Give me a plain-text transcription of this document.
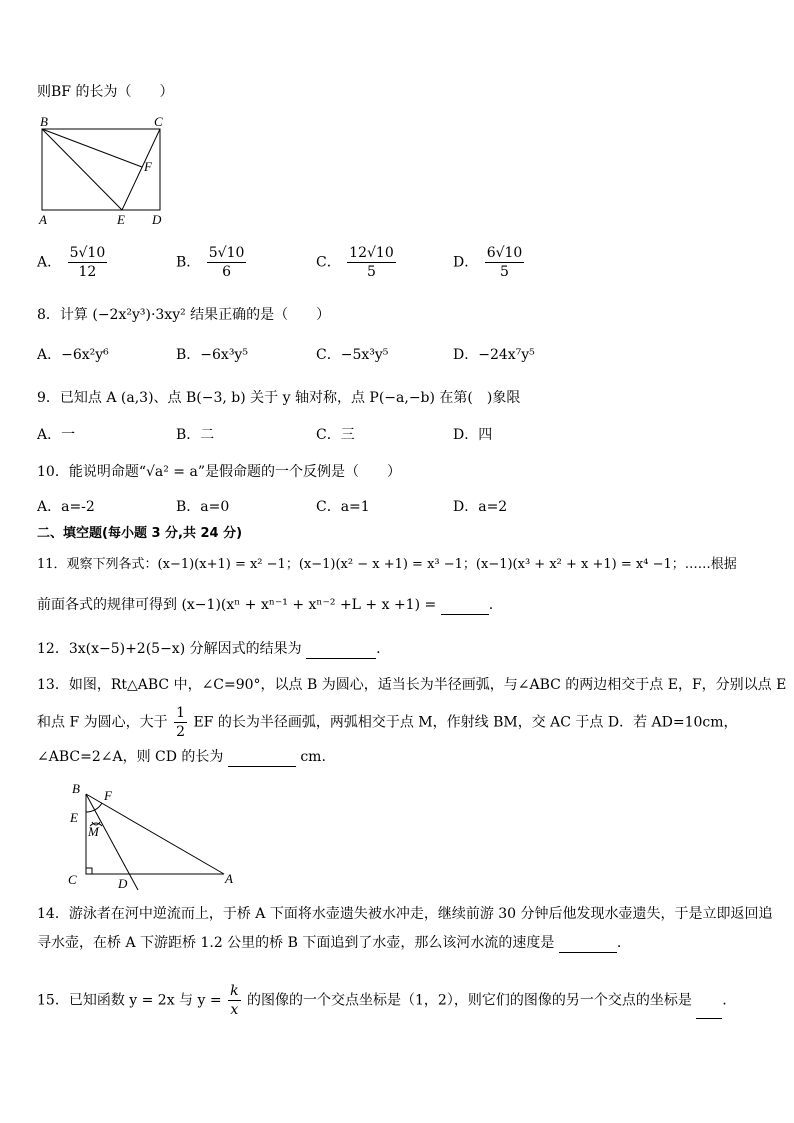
则BF 的长为（　　）
B	C
F
A	E D
A． $\frac{5√10}{12}$	B． $\frac{5√10}{6}$	C． $\frac{12√10}{5}$	D． $\frac{6√10}{5}$
8．计算 (−2x²y³)·3xy² 结果正确的是（　　）
A．−6x²y⁶	B．−6x³y⁵	C．−5x³y⁵	D．−24x⁷y⁵
9．已知点 A (a,3)、点 B(−3, b) 关于 y 轴对称，点 P(−a,−b) 在第(　)象限
A．一	B．二	C．三	D．四
10．能说明命题“√a² = a”是假命题的一个反例是（　　）
A．a=-2	B．a=0	C．a=1	D．a=2
二、填空题(每小题 3 分,共 24 分)
11．观察下列各式：(x−1)(x+1) = x² −1；(x−1)(x² − x +1) = x³ −1；(x−1)(x³ + x² + x +1) = x⁴ −1；……根据
前面各式的规律可得到 (x−1)(xⁿ + xⁿ⁻¹ + xⁿ⁻² +L + x +1) =	.
12．3x(x−5)+2(5−x) 分解因式的结果为	.
13．如图，Rt△ABC 中，∠C=90°，以点 B 为圆心，适当长为半径画弧，与∠ABC 的两边相交于点 E，F，分别以点 E
和点 F 为圆心，大于 $\frac{1}{2}$ EF 的长为半径画弧，两弧相交于点 M，作射线 BM，交 AC 于点 D．若 AD=10cm，
∠ABC=2∠A，则 CD 的长为	cm.
B F
E
M
C	D	A
14．游泳者在河中逆流而上，于桥 A 下面将水壶遗失被水冲走，继续前游 30 分钟后他发现水壶遗失，于是立即返回追
寻水壶，在桥 A 下游距桥 1.2 公里的桥 B 下面追到了水壶，那么该河水流的速度是	.
15．已知函数 y = 2x 与 $y = \frac{k}{x}$ 的图像的一个交点坐标是（1，2），则它们的图像的另一个交点的坐标是 .
